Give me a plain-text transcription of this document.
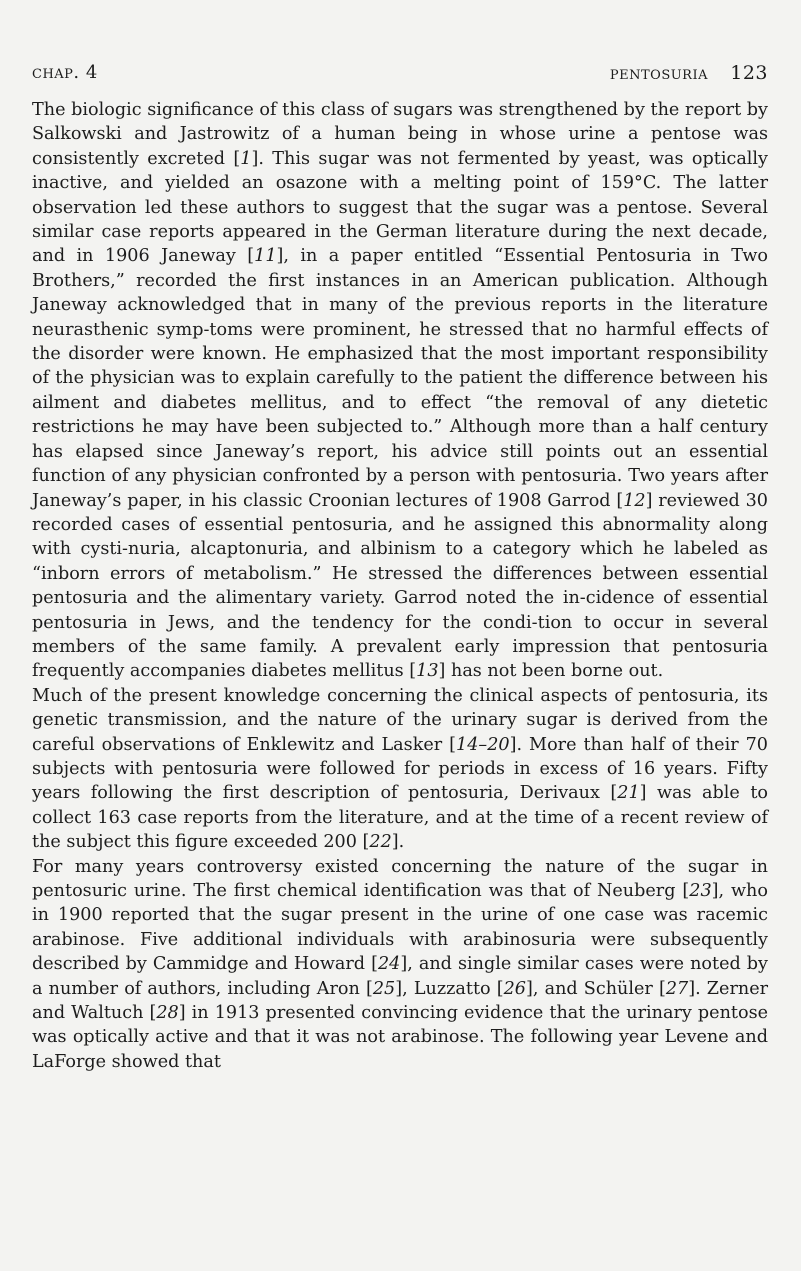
chap. 4	pentosuria 123

The biologic significance of this class of sugars was strengthened by the report by Salkowski and Jastrowitz of a human being in whose urine a pentose was consistently excreted [1]. This sugar was not fermented by yeast, was optically inactive, and yielded an osazone with a melting point of 159°C. The latter observation led these authors to suggest that the sugar was a pentose. Several similar case reports appeared in the German literature during the next decade, and in 1906 Janeway [11], in a paper entitled “Essential Pentosuria in Two Brothers,” recorded the first instances in an American publication. Although Janeway acknowledged that in many of the previous reports in the literature neurasthenic symp-toms were prominent, he stressed that no harmful effects of the disorder were known. He emphasized that the most important responsibility of the physician was to explain carefully to the patient the difference between his ailment and diabetes mellitus, and to effect “the removal of any dietetic restrictions he may have been subjected to.” Although more than a half century has elapsed since Janeway’s report, his advice still points out an essential function of any physician confronted by a person with pentosuria. Two years after Janeway’s paper, in his classic Croonian lectures of 1908 Garrod [12] reviewed 30 recorded cases of essential pentosuria, and he assigned this abnormality along with cysti-nuria, alcaptonuria, and albinism to a category which he labeled as “inborn errors of metabolism.” He stressed the differences between essential pentosuria and the alimentary variety. Garrod noted the in-cidence of essential pentosuria in Jews, and the tendency for the condi-tion to occur in several members of the same family. A prevalent early impression that pentosuria frequently accompanies diabetes mellitus [13] has not been borne out.

Much of the present knowledge concerning the clinical aspects of pentosuria, its genetic transmission, and the nature of the urinary sugar is derived from the careful observations of Enklewitz and Lasker [14–20]. More than half of their 70 subjects with pentosuria were followed for periods in excess of 16 years. Fifty years following the first description of pentosuria, Derivaux [21] was able to collect 163 case reports from the literature, and at the time of a recent review of the subject this figure exceeded 200 [22].

For many years controversy existed concerning the nature of the sugar in pentosuric urine. The first chemical identification was that of Neuberg [23], who in 1900 reported that the sugar present in the urine of one case was racemic arabinose. Five additional individuals with arabinosuria were subsequently described by Cammidge and Howard [24], and single similar cases were noted by a number of authors, including Aron [25], Luzzatto [26], and Schüler [27]. Zerner and Waltuch [28] in 1913 presented convincing evidence that the urinary pentose was optically active and that it was not arabinose. The following year Levene and LaForge showed that
